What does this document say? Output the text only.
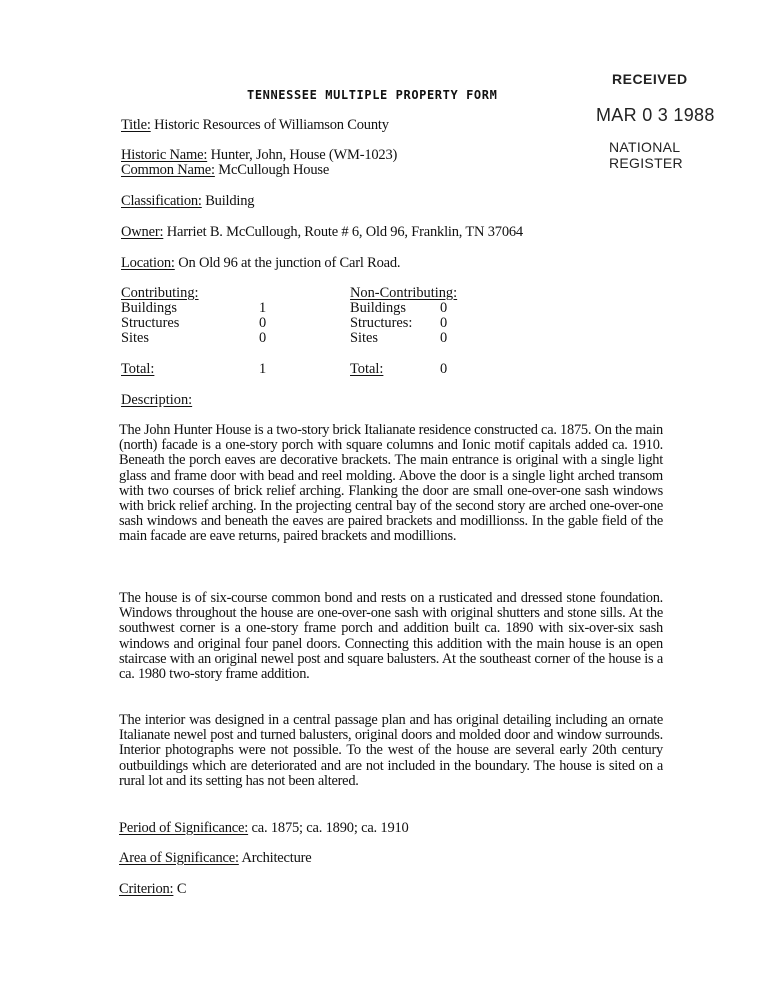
RECEIVED
MAR 0 3 1988
NATIONAL
REGISTER
TENNESSEE MULTIPLE PROPERTY FORM
Title: Historic Resources of Williamson County
Historic Name: Hunter, John, House (WM-1023)
Common Name: McCullough House
Classification: Building
Owner: Harriet B. McCullough, Route # 6, Old 96, Franklin, TN 37064
Location: On Old 96 at the junction of Carl Road.
Contributing:
Buildings	1
Structures	0
Sites	0
Total:	1
Non-Contributing:
Buildings 0
Structures: 0
Sites	0
Total:	0
Description:

The John Hunter House is a two-story brick Italianate residence constructed ca. 1875. On the main (north) facade is a one-story porch with square columns and Ionic motif capitals added ca. 1910. Beneath the porch eaves are decorative brackets. The main entrance is original with a single light glass and frame door with bead and reel molding. Above the door is a single light arched transom with two courses of brick relief arching. Flanking the door are small one-over-one sash windows with brick relief arching. In the projecting central bay of the second story are arched one-over-one sash windows and beneath the eaves are paired brackets and modillionss. In the gable field of the main facade are eave returns, paired brackets and modillions.

The house is of six-course common bond and rests on a rusticated and dressed stone foundation. Windows throughout the house are one-over-one sash with original shutters and stone sills. At the southwest corner is a one-story frame porch and addition built ca. 1890 with six-over-six sash windows and original four panel doors. Connecting this addition with the main house is an open staircase with an original newel post and square balusters. At the southeast corner of the house is a ca. 1980 two-story frame addition.

The interior was designed in a central passage plan and has original detailing including an ornate Italianate newel post and turned balusters, original doors and molded door and window surrounds. Interior photographs were not possible. To the west of the house are several early 20th century outbuildings which are deteriorated and are not included in the boundary. The house is sited on a rural lot and its setting has not been altered.

Period of Significance: ca. 1875; ca. 1890; ca. 1910
Area of Significance: Architecture
Criterion: C
